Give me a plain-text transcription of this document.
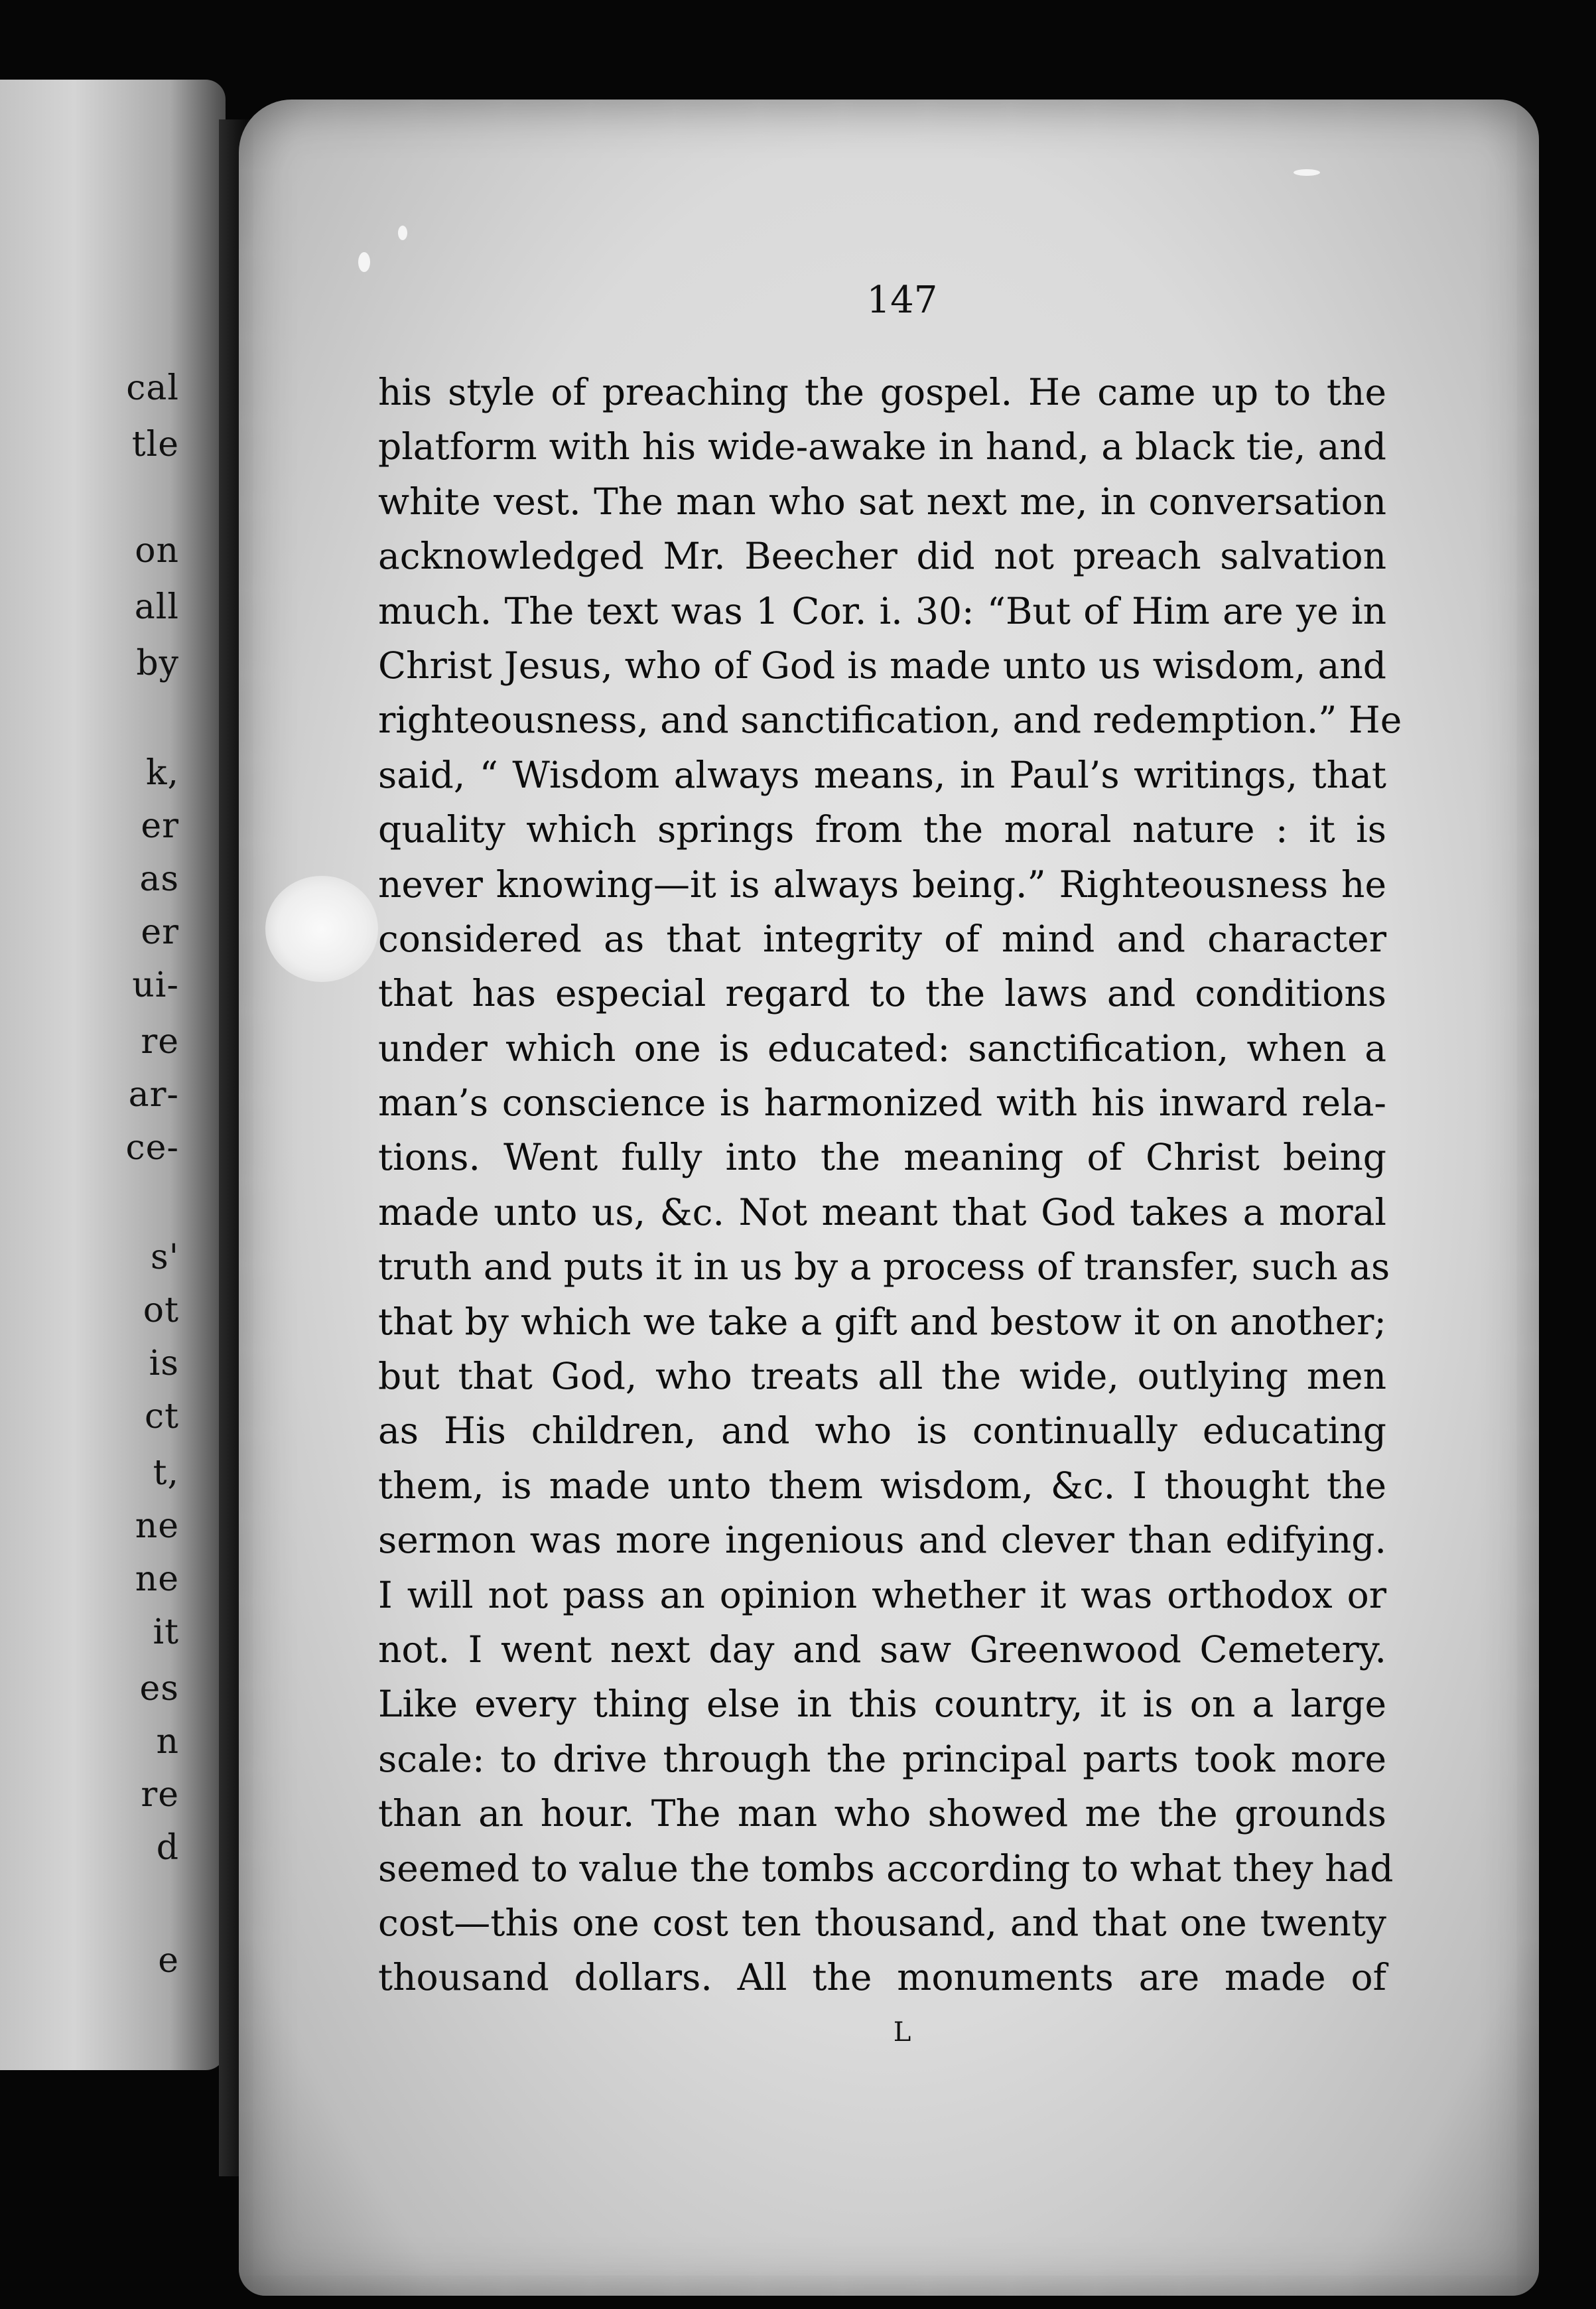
cal
tle
on
all
by
k,
er
as
er
ui-
re
ar-
ce-
s'
ot
is
ct
t,
ne
ne
it
es
n
re
d
e
147
his style of preaching the gospel. He came up to the
platform with his wide-awake in hand, a black tie, and
white vest. The man who sat next me, in conversation
acknowledged Mr. Beecher did not preach salvation
much. The text was 1 Cor. i. 30: “But of Him are ye in
Christ Jesus, who of God is made unto us wisdom, and
righteousness, and sanctification, and redemption.” He
said, “ Wisdom always means, in Paul’s writings, that
quality which springs from the moral nature : it is
never knowing—it is always being.” Righteousness he
considered as that integrity of mind and character
that has especial regard to the laws and conditions
under which one is educated: sanctification, when a
man’s conscience is harmonized with his inward rela-
tions. Went fully into the meaning of Christ being
made unto us, &c. Not meant that God takes a moral
truth and puts it in us by a process of transfer, such as
that by which we take a gift and bestow it on another;
but that God, who treats all the wide, outlying men
as His children, and who is continually educating
them, is made unto them wisdom, &c. I thought the
sermon was more ingenious and clever than edifying.
I will not pass an opinion whether it was orthodox or
not. I went next day and saw Greenwood Cemetery.
Like every thing else in this country, it is on a large
scale: to drive through the principal parts took more
than an hour. The man who showed me the grounds
seemed to value the tombs according to what they had
cost—this one cost ten thousand, and that one twenty
thousand dollars. All the monuments are made of
L
